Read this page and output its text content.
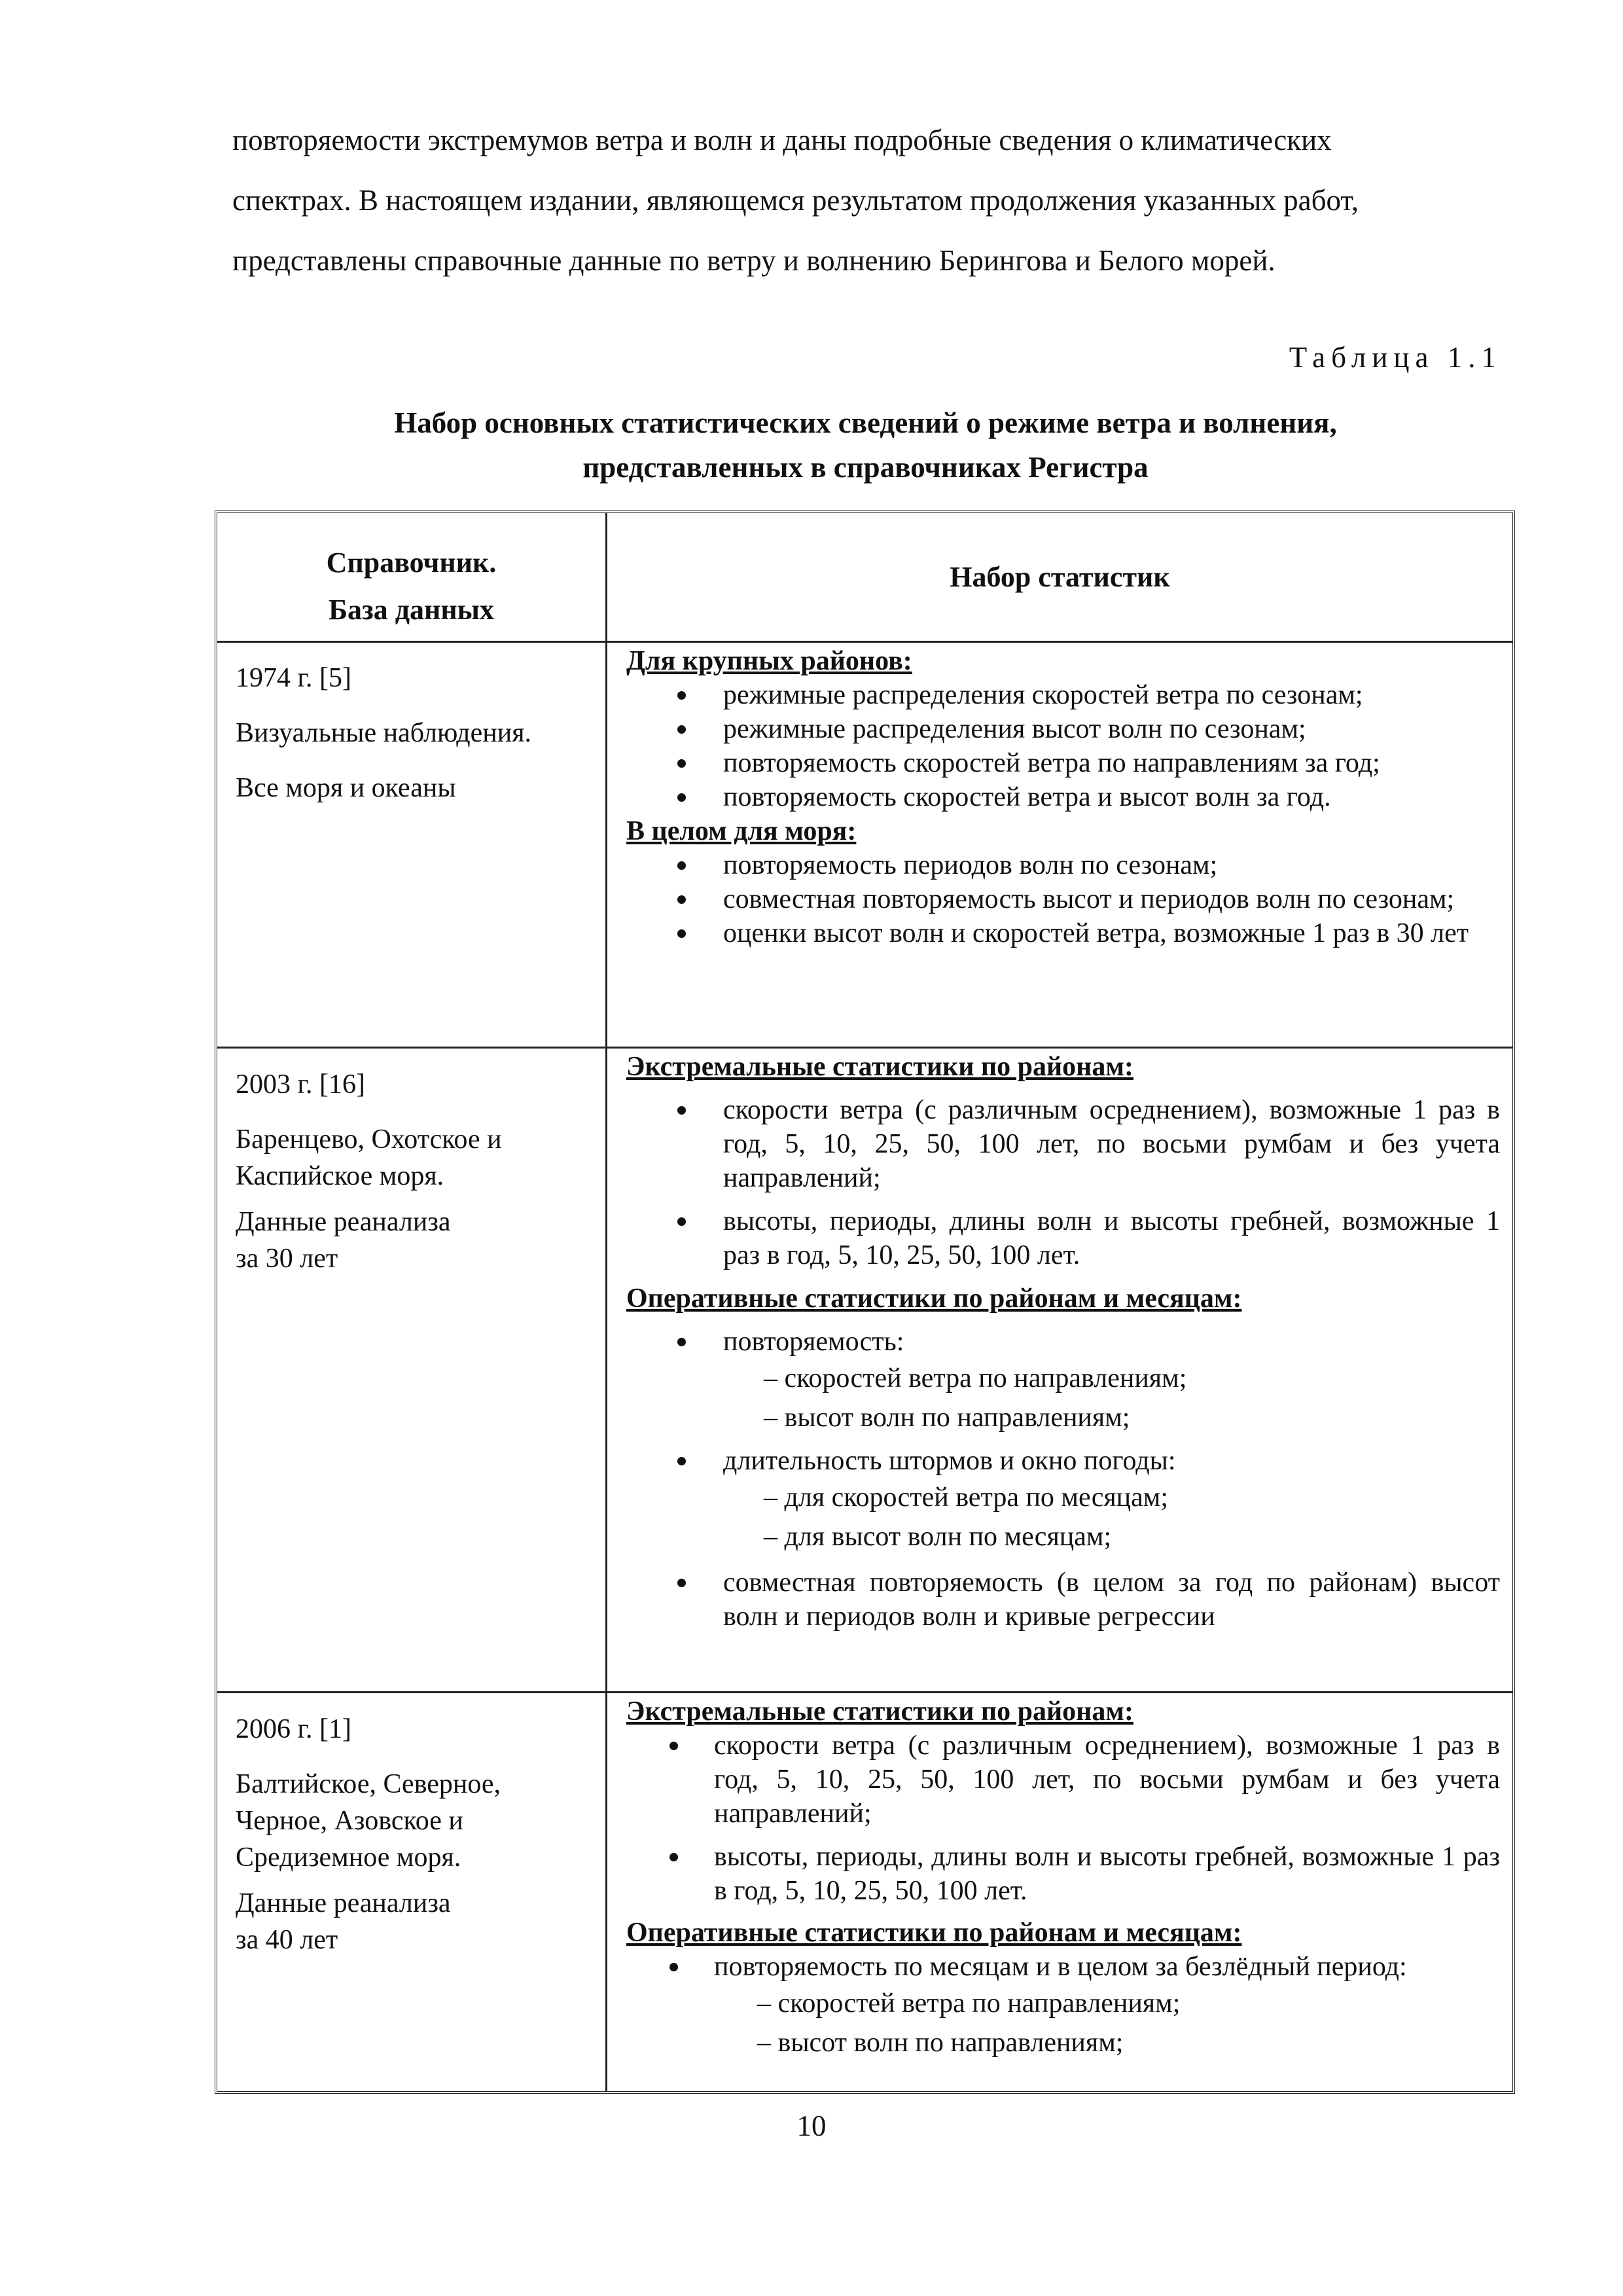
повторяемости экстремумов ветра и волн и даны подробные сведения о климатических
спектрах. В настоящем издании, являющемся результатом продолжения указанных работ,
представлены справочные данные по ветру и волнению Берингова и Белого морей.
Таблица 1.1
Набор основных статистических сведений о режиме ветра и волнения,
представленных в справочниках Регистра
Справочник.
База данных
Набор статистик

1974 г. [5]

Визуальные наблюдения.

Все моря и океаны

Для крупных районов:
режимные распределения скоростей ветра по сезонам;
режимные распределения высот волн по сезонам;
повторяемость скоростей ветра по направлениям за год;
повторяемость скоростей ветра и высот волн за год.
В целом для моря:
повторяемость периодов волн по сезонам;
совместная повторяемость высот и периодов волн по сезонам;
оценки высот волн и скоростей ветра, возможные 1 раз в 30 лет

2003 г. [16]

Баренцево, Охотское и

Каспийское моря.

Данные реанализа

за 30 лет

Экстремальные статистики по районам:
скорости ветра (с различным осреднением), возможные 1 раз в год, 5, 10, 25, 50, 100 лет, по восьми румбам и без учета направлений;
высоты, периоды, длины волн и высоты гребней, возможные 1 раз в год, 5, 10, 25, 50, 100 лет.
Оперативные статистики по районам и месяцам:
повторяемость:
– скоростей ветра по направлениям;
– высот волн по направлениям;
длительность штормов и окно погоды:
– для скоростей ветра по месяцам;
– для высот волн по месяцам;
совместная повторяемость (в целом за год по районам) высот волн и периодов волн и кривые регрессии

2006 г. [1]

Балтийское, Северное,

Черное, Азовское и

Средиземное моря.

Данные реанализа

за 40 лет

Экстремальные статистики по районам:
скорости ветра (с различным осреднением), возможные 1 раз в год, 5, 10, 25, 50, 100 лет, по восьми румбам и без учета направлений;
высоты, периоды, длины волн и высоты гребней, возможные 1 раз в год, 5, 10, 25, 50, 100 лет.
Оперативные статистики по районам и месяцам:
повторяемость по месяцам и в целом за безлёдный период:
– скоростей ветра по направлениям;
– высот волн по направлениям;
10
